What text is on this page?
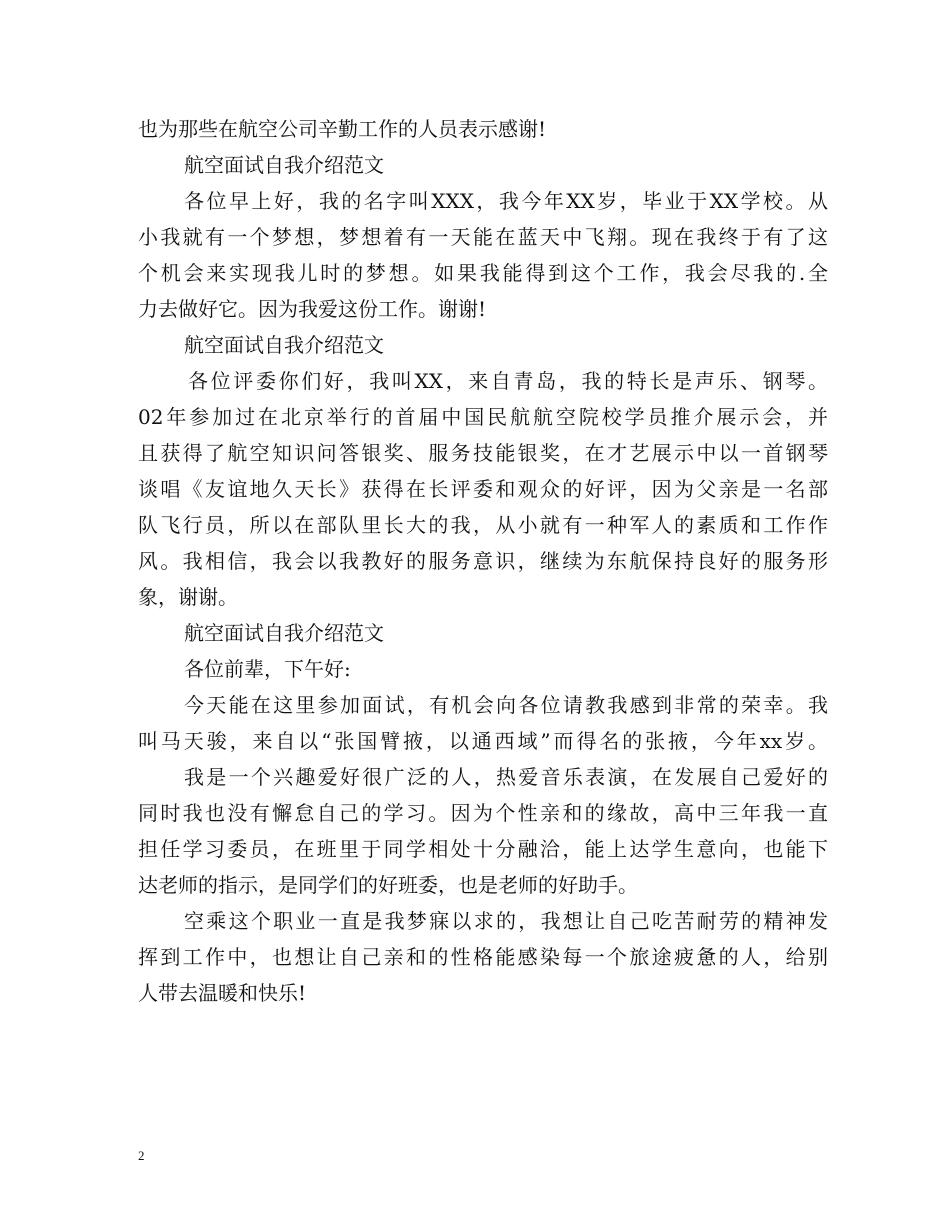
也为那些在航空公司辛勤工作的人员表示感谢!
航空面试自我介绍范文
各位早上好，我的名字叫XXX，我今年XX岁，毕业于XX学校。从
小我就有一个梦想，梦想着有一天能在蓝天中飞翔。现在我终于有了这
个机会来实现我儿时的梦想。如果我能得到这个工作，我会尽我的.全
力去做好它。因为我爱这份工作。谢谢!
航空面试自我介绍范文
各位评委你们好，我叫XX，来自青岛，我的特长是声乐、钢琴。
02年参加过在北京举行的首届中国民航航空院校学员推介展示会，并
且获得了航空知识问答银奖、服务技能银奖，在才艺展示中以一首钢琴
谈唱《友谊地久天长》获得在长评委和观众的好评，因为父亲是一名部
队飞行员，所以在部队里长大的我，从小就有一种军人的素质和工作作
风。我相信，我会以我教好的服务意识，继续为东航保持良好的服务形
象，谢谢。
航空面试自我介绍范文
各位前辈，下午好:
今天能在这里参加面试，有机会向各位请教我感到非常的荣幸。我
叫马天骏，来自以“张国臂掖，以通西域”而得名的张掖，今年xx岁。
我是一个兴趣爱好很广泛的人，热爱音乐表演，在发展自己爱好的
同时我也没有懈怠自己的学习。因为个性亲和的缘故，高中三年我一直
担任学习委员，在班里于同学相处十分融洽，能上达学生意向，也能下
达老师的指示，是同学们的好班委，也是老师的好助手。
空乘这个职业一直是我梦寐以求的，我想让自己吃苦耐劳的精神发
挥到工作中，也想让自己亲和的性格能感染每一个旅途疲惫的人，给别
人带去温暖和快乐!
2
